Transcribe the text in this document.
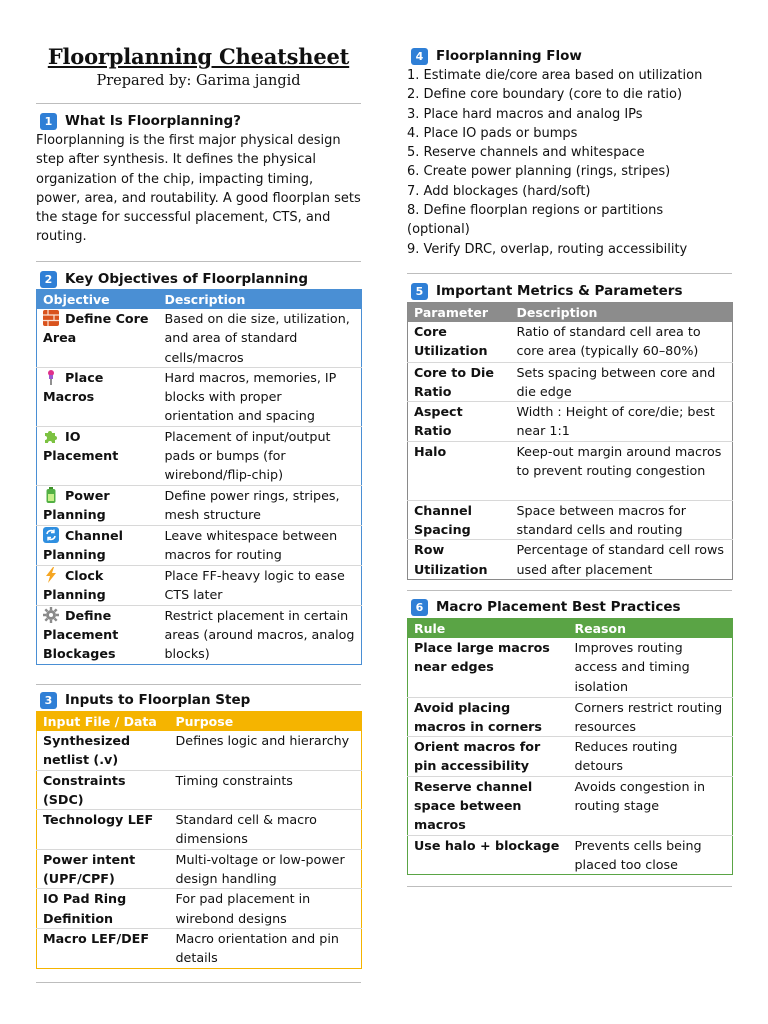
Floorplanning Cheatsheet
Prepared by: Garima jangid
1 What Is Floorplanning?
Floorplanning is the first major physical design step after synthesis. It defines the physical organization of the chip, impacting timing, power, area, and routability. A good floorplan sets the stage for successful placement, CTS, and routing.
2 Key Objectives of Floorplanning
Objective	Description
Define Core Area	Based on die size, utilization, and area of standard cells/macros
Place Macros	Hard macros, memories, IP blocks with proper orientation and spacing
IO Placement	Placement of input/output pads or bumps (for wirebond/flip-chip)
Power Planning	Define power rings, stripes, mesh structure
Channel Planning	Leave whitespace between macros for routing
Clock Planning	Place FF-heavy logic to ease CTS later
Define Placement Blockages	Restrict placement in certain areas (around macros, analog blocks)
3 Inputs to Floorplan Step
Input File / Data	Purpose
Synthesized netlist (.v)	Defines logic and hierarchy
Constraints (SDC)	Timing constraints
Technology LEF	Standard cell & macro dimensions
Power intent (UPF/CPF)	Multi-voltage or low-power design handling
IO Pad Ring Definition	For pad placement in wirebond designs
Macro LEF/DEF	Macro orientation and pin details
4 Floorplanning Flow
1. Estimate die/core area based on utilization
2. Define core boundary (core to die ratio)
3. Place hard macros and analog IPs
4. Place IO pads or bumps
5. Reserve channels and whitespace
6. Create power planning (rings, stripes)
7. Add blockages (hard/soft)
8. Define floorplan regions or partitions
(optional)
9. Verify DRC, overlap, routing accessibility
5 Important Metrics & Parameters
Parameter	Description
Core Utilization	Ratio of standard cell area to core area (typically 60–80%)
Core to Die Ratio	Sets spacing between core and die edge
Aspect Ratio	Width : Height of core/die; best near 1:1
Halo	Keep-out margin around macros to prevent routing congestion
Channel Spacing	Space between macros for standard cells and routing
Row Utilization	Percentage of standard cell rows used after placement
6 Macro Placement Best Practices
Rule	Reason
Place large macros near edges	Improves routing access and timing isolation
Avoid placing macros in corners	Corners restrict routing resources
Orient macros for pin accessibility	Reduces routing detours
Reserve channel space between macros	Avoids congestion in routing stage
Use halo + blockage	Prevents cells being placed too close
